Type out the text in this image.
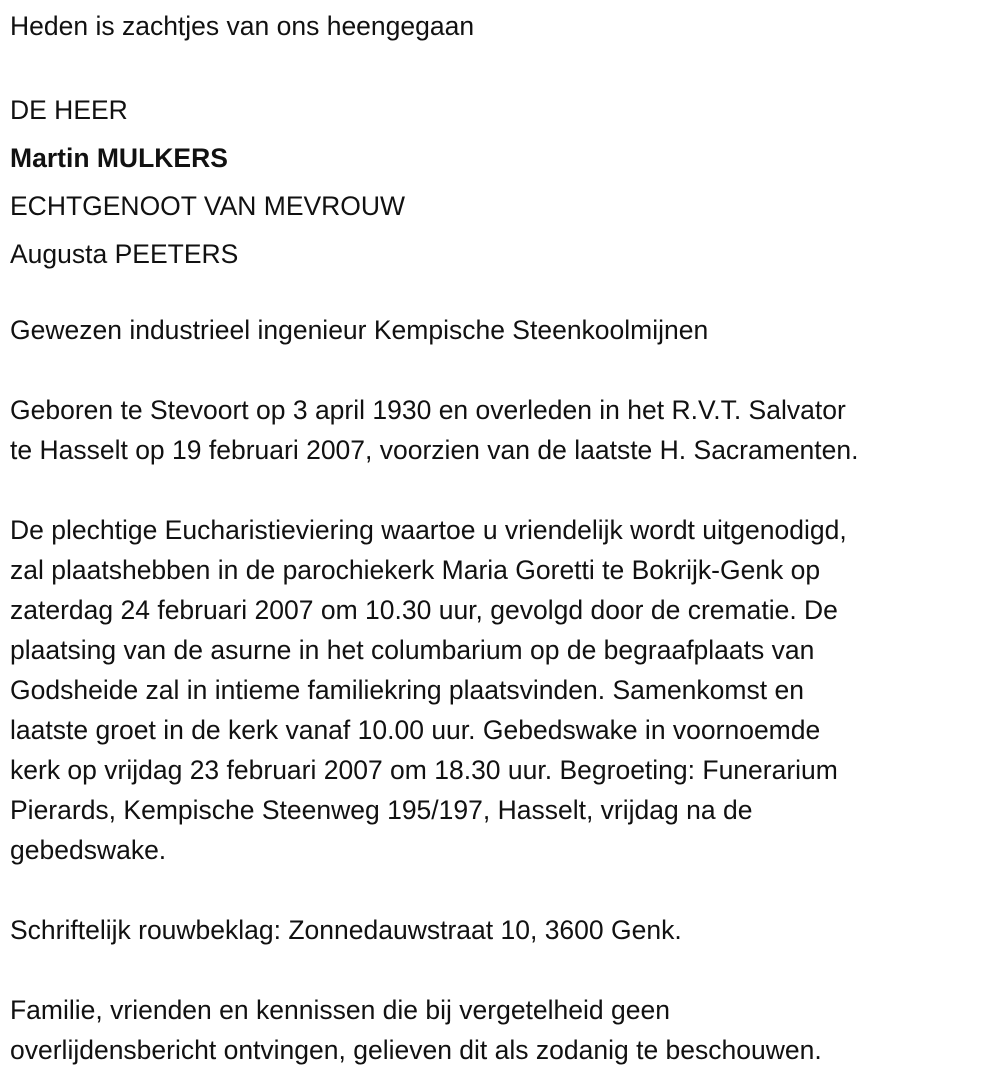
Heden is zachtjes van ons heengegaan
DE HEER
Martin MULKERS
ECHTGENOOT VAN MEVROUW
Augusta PEETERS
Gewezen industrieel ingenieur Kempische Steenkoolmijnen
Geboren te Stevoort op 3 april 1930 en overleden in het R.V.T. Salvator
te Hasselt op 19 februari 2007, voorzien van de laatste H. Sacramenten.
De plechtige Eucharistieviering waartoe u vriendelijk wordt uitgenodigd,
zal plaatshebben in de parochiekerk Maria Goretti te Bokrijk-Genk op
zaterdag 24 februari 2007 om 10.30 uur, gevolgd door de crematie. De
plaatsing van de asurne in het columbarium op de begraafplaats van
Godsheide zal in intieme familiekring plaatsvinden. Samenkomst en
laatste groet in de kerk vanaf 10.00 uur. Gebedswake in voornoemde
kerk op vrijdag 23 februari 2007 om 18.30 uur. Begroeting: Funerarium
Pierards, Kempische Steenweg 195/197, Hasselt, vrijdag na de
gebedswake.
Schriftelijk rouwbeklag: Zonnedauwstraat 10, 3600 Genk.
Familie, vrienden en kennissen die bij vergetelheid geen
overlijdensbericht ontvingen, gelieven dit als zodanig te beschouwen.
